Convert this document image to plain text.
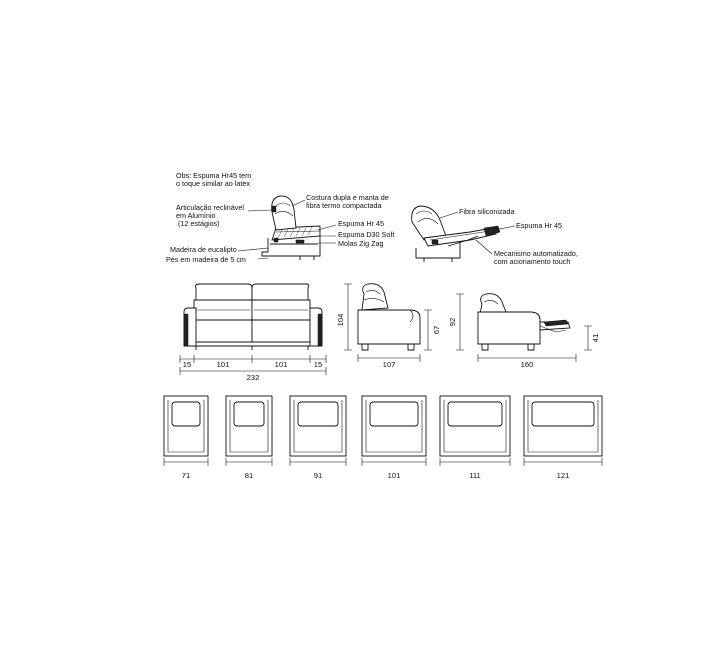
Obs: Espuma Hr45 tem
o toque similar ao latex
Articulação reclinável
em Alumínio
(12 estágios)
Madeira de eucalipto
Pés em madeira de 5 cm
Costura dupla e manta de
fibra termo compactada
Espuma Hr 45
Espuma D30 Soft
Molas Zig Zag
Fibra siliconizada
Espuma Hr 45
Mecanismo automatizado,
com acionamento touch
15	101	101	15
232
104
67
107
92
41
160
71	81	91	101	111	121
